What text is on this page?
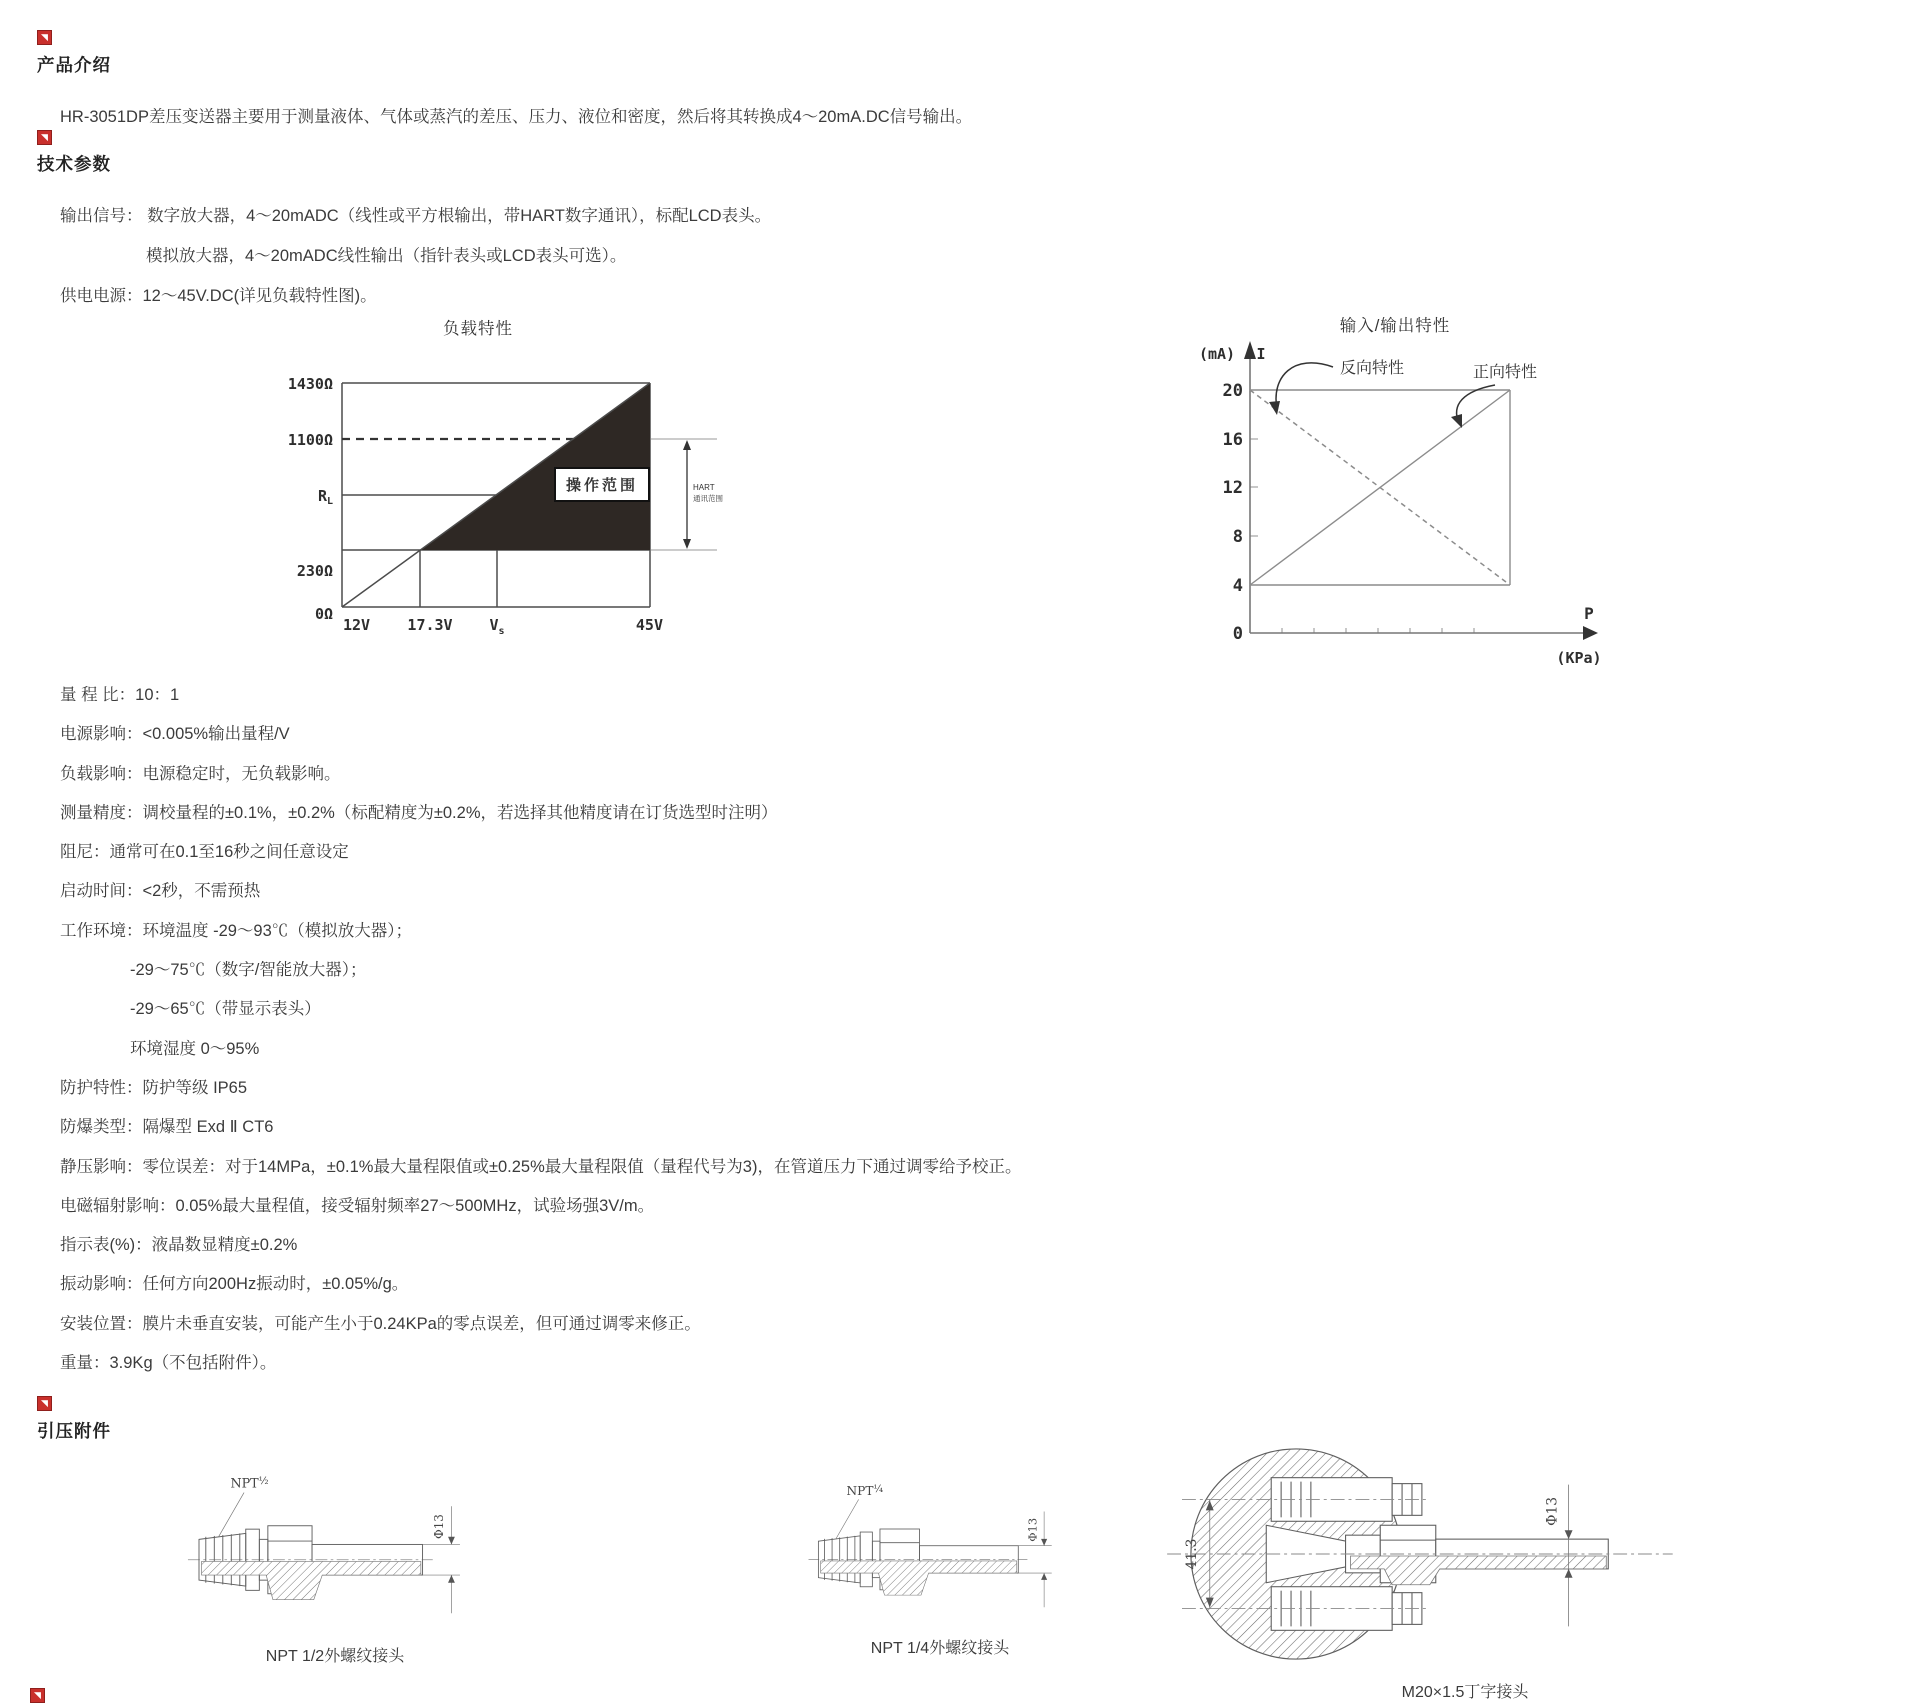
◥
产品介绍
HR-3051DP差压变送器主要用于测量液体、气体或蒸汽的差压、压力、液位和密度，然后将其转换成4～20mA.DC信号输出。
◥
技术参数
输出信号： 数字放大器，4～20mADC（线性或平方根输出，带HART数字通讯），标配LCD表头。
模拟放大器，4～20mADC线性输出（指针表头或LCD表头可选）。
供电电源：12～45V.DC(详见负载特性图)。
负载特性
HART
通讯范围
操作范围
1430Ω
1100Ω
$R_L$
230Ω
0Ω
12V 17.3V $V_s$	45V
输入/输出特性
(mA) I
20
16
12
8
4
0
反向特性	正向特性
P
(KPa)
量 程 比：10：1
电源影响：<0.005%输出量程/V
负载影响：电源稳定时，无负载影响。
测量精度：调校量程的±0.1%，±0.2%（标配精度为±0.2%，若选择其他精度请在订货选型时注明）
阻尼：通常可在0.1至16秒之间任意设定
启动时间：<2秒，不需预热
工作环境：环境温度 -29～93℃（模拟放大器）；
-29～75℃（数字/智能放大器）；
-29～65℃（带显示表头）
环境湿度 0～95%
防护特性：防护等级 IP65
防爆类型：隔爆型 Exd Ⅱ CT6
静压影响：零位误差：对于14MPa，±0.1%最大量程限值或±0.25%最大量程限值（量程代号为3)，在管道压力下通过调零给予校正。
电磁辐射影响：0.05%最大量程值，接受辐射频率27～500MHz，试验场强3V/m。
指示表(%)：液晶数显精度±0.2%
振动影响：任何方向200Hz振动时，±0.05%/g。
安装位置：膜片未垂直安装，可能产生小于0.24KPa的零点误差，但可通过调零来修正。
重量：3.9Kg（不包括附件）。
◥
引压附件
$NPT^{\frac{1}{2}}$
Φ13
NPT 1/2外螺纹接头
$NPT^{\frac{1}{4}}$
Φ13
NPT 1/4外螺纹接头
41.3
Φ13
M20×1.5丁字接头
◥
